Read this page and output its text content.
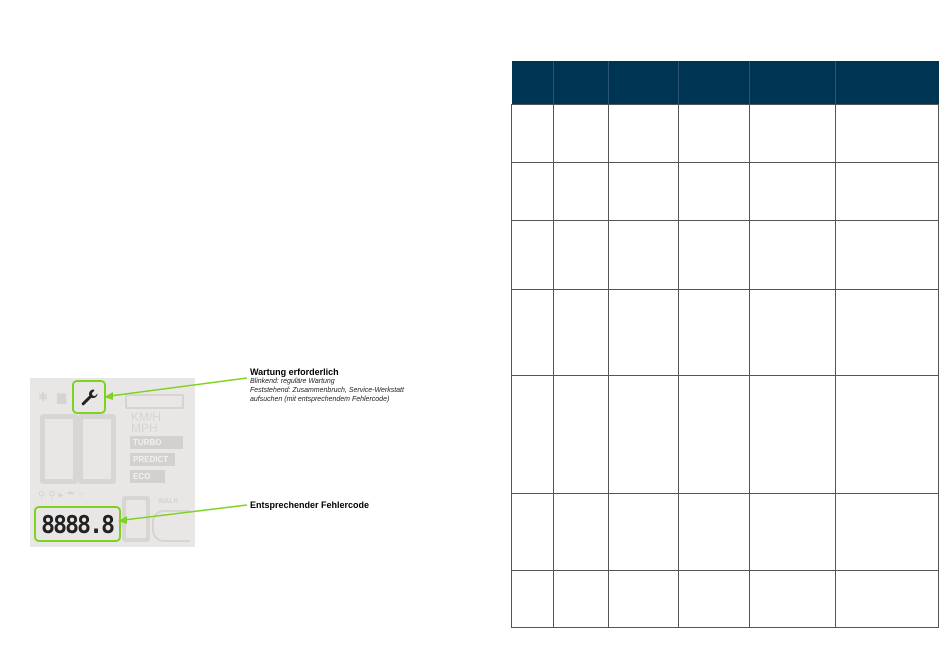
✱ ▆
KM/H
MPH
TURBO
PREDICT
ECO
⚲ ⚲ ▸ ☂ ♂
WALK
8888.8
Wartung erforderlich
Blinkend: reguläre Wartung
Feststehend: Zusammenbruch, Service-Werkstatt
aufsuchen (mit entsprechendem Fehlercode)
Entsprechender Fehlercode
